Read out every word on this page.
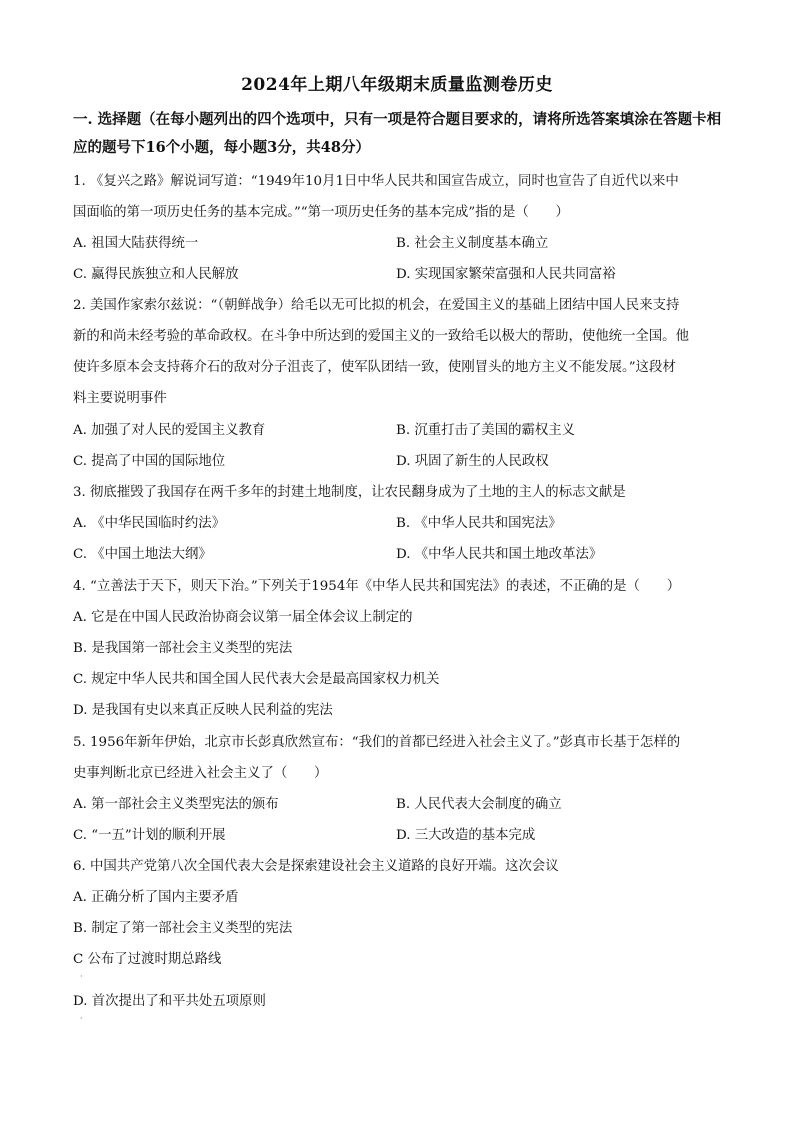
2024年上期八年级期末质量监测卷历史
一. 选择题（在每小题列出的四个选项中，只有一项是符合题目要求的，请将所选答案填涂在答题卡相应的题号下16个小题，每小题3分，共48分）
1. 《复兴之路》解说词写道：“1949年10月1日中华人民共和国宣告成立，同时也宣告了自近代以来中
国面临的第一项历史任务的基本完成。”“第一项历史任务的基本完成”指的是（　　）
A. 祖国大陆获得统一	B. 社会主义制度基本确立
C. 赢得民族独立和人民解放	D. 实现国家繁荣富强和人民共同富裕
2. 美国作家索尔兹说：“（朝鲜战争）给毛以无可比拟的机会，在爱国主义的基础上团结中国人民来支持
新的和尚未经考验的革命政权。在斗争中所达到的爱国主义的一致给毛以极大的帮助，使他统一全国。他
使许多原本会支持蒋介石的敌对分子沮丧了，使军队团结一致，使刚冒头的地方主义不能发展。”这段材
料主要说明事件
A. 加强了对人民的爱国主义教育	B. 沉重打击了美国的霸权主义
C. 提高了中国的国际地位	D. 巩固了新生的人民政权
3. 彻底摧毁了我国存在两千多年的封建土地制度，让农民翻身成为了土地的主人的标志文献是
A. 《中华民国临时约法》	B. 《中华人民共和国宪法》
C. 《中国土地法大纲》	D. 《中华人民共和国土地改革法》
4. “立善法于天下，则天下治。”下列关于1954年《中华人民共和国宪法》的表述，不正确的是（　　）
A. 它是在中国人民政治协商会议第一届全体会议上制定的
B. 是我国第一部社会主义类型的宪法
C. 规定中华人民共和国全国人民代表大会是最高国家权力机关
D. 是我国有史以来真正反映人民利益的宪法
5. 1956年新年伊始，北京市长彭真欣然宣布：“我们的首都已经进入社会主义了。”彭真市长基于怎样的
史事判断北京已经进入社会主义了（　　）
A. 第一部社会主义类型宪法的颁布	B. 人民代表大会制度的确立
C. “一五”计划的顺利开展	D. 三大改造的基本完成
6. 中国共产党第八次全国代表大会是探索建设社会主义道路的良好开端。这次会议
A. 正确分析了国内主要矛盾
B. 制定了第一部社会主义类型的宪法
C 公布了过渡时期总路线
·
D. 首次提出了和平共处五项原则
·
